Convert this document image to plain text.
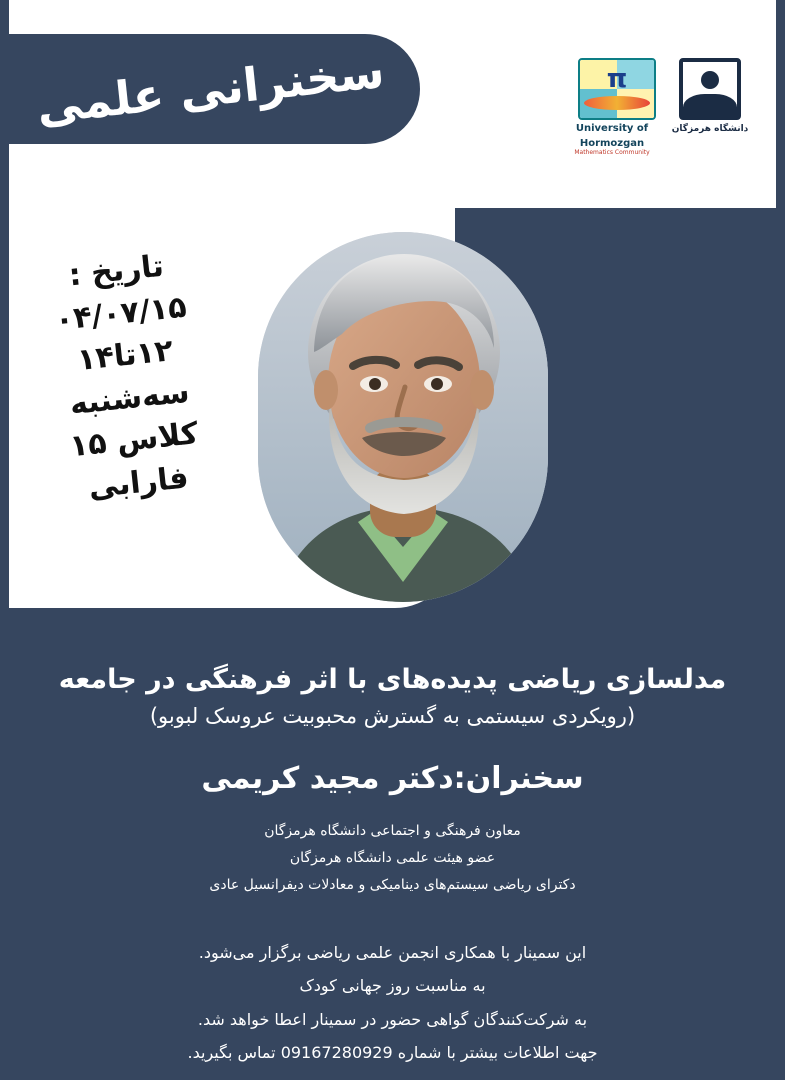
سخنرانی علمی	دانشگاه هرمزگان
π
University of
Hormozgan
Mathematics Community
تاریخ :
۰۴/۰۷/۱۵
۱۲تا۱۴
سه‌شنبه
کلاس ۱۵
فارابی
مدلسازی ریاضی پدیده‌های با اثر فرهنگی در جامعه
(رویکردی سیستمی به گسترش محبوبیت عروسک لبوبو)
سخنران:دکتر مجید کریمی
معاون فرهنگی و اجتماعی دانشگاه هرمزگان
عضو هیئت علمی دانشگاه هرمزگان
دکترای ریاضی سیستم‌های دینامیکی و معادلات دیفرانسیل عادی
این سمینار با همکاری انجمن علمی ریاضی برگزار می‌شود.
به مناسبت روز جهانی کودک
به شرکت‌کنندگان گواهی حضور در سمینار اعطا خواهد شد.
جهت اطلاعات بیشتر با شماره 09167280929 تماس بگیرید.
